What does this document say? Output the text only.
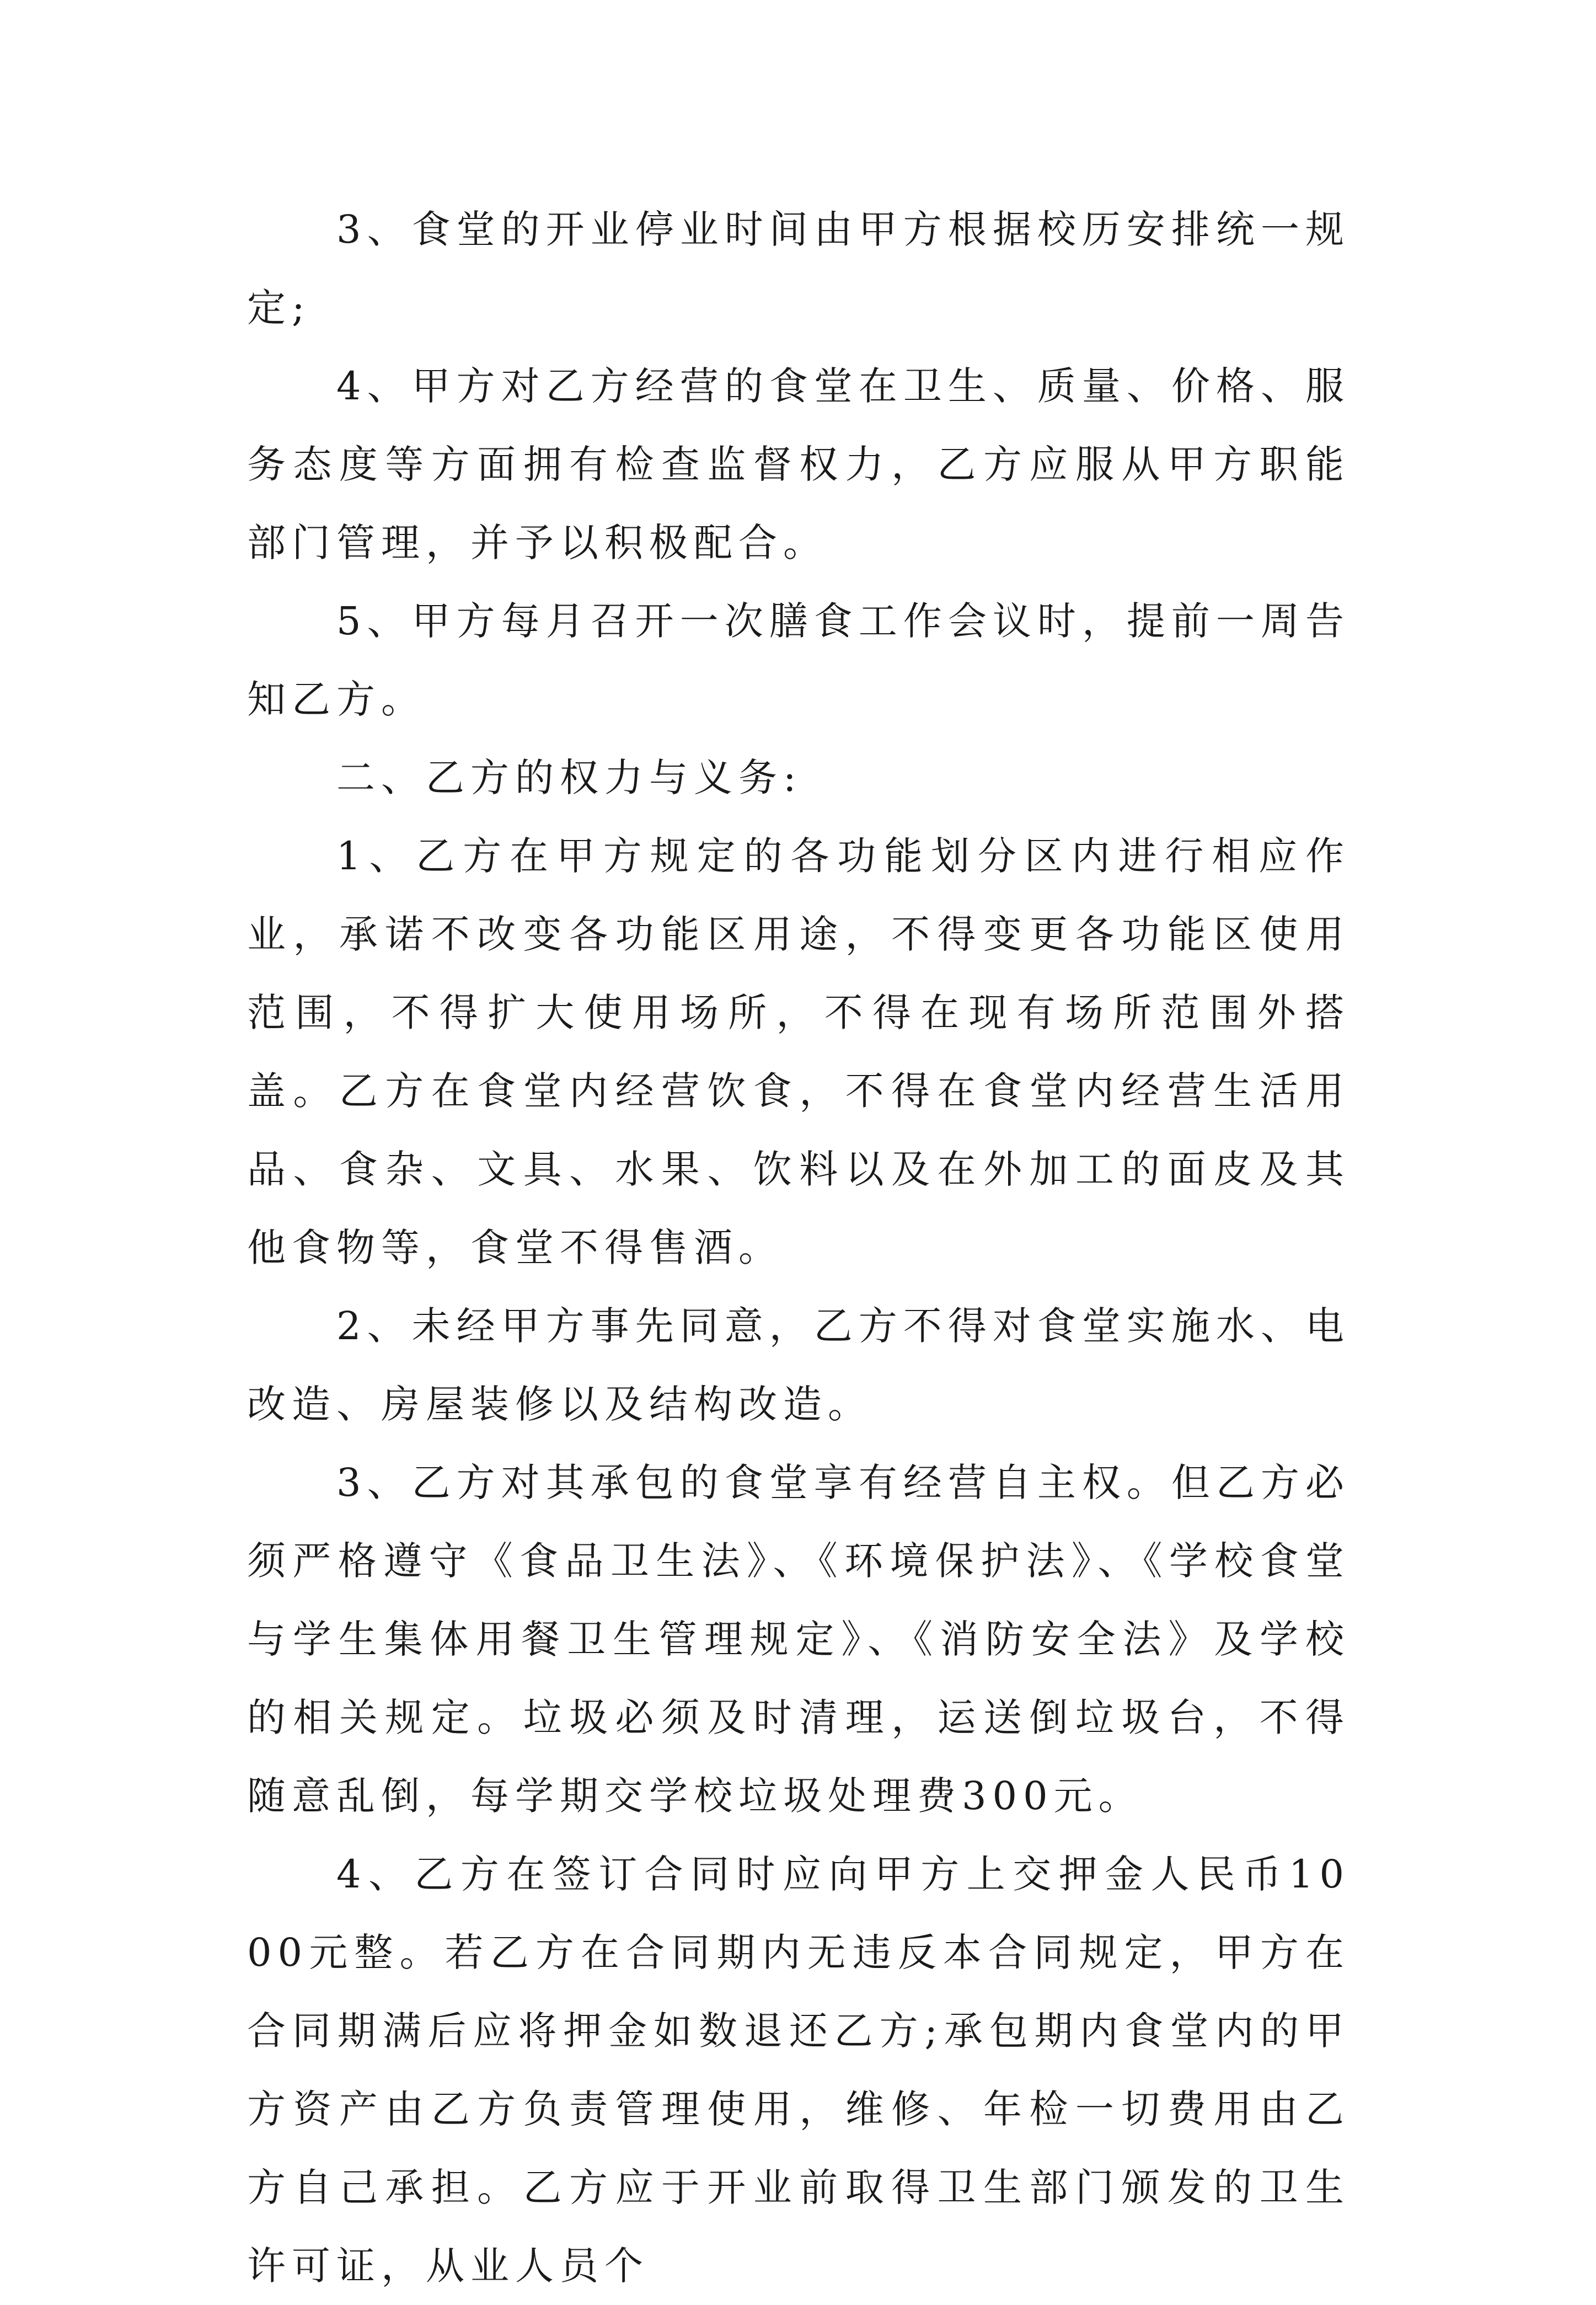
3、食堂的开业停业时间由甲方根据校历安排统一规定;

4、甲方对乙方经营的食堂在卫生、质量、价格、服务态度等方面拥有检查监督权力，乙方应服从甲方职能部门管理，并予以积极配合。

5、甲方每月召开一次膳食工作会议时，提前一周告知乙方。

二、乙方的权力与义务:

1、乙方在甲方规定的各功能划分区内进行相应作业，承诺不改变各功能区用途，不得变更各功能区使用范围，不得扩大使用场所，不得在现有场所范围外搭盖。乙方在食堂内经营饮食，不得在食堂内经营生活用品、食杂、文具、水果、饮料以及在外加工的面皮及其他食物等，食堂不得售酒。

2、未经甲方事先同意，乙方不得对食堂实施水、电改造、房屋装修以及结构改造。

3、乙方对其承包的食堂享有经营自主权。但乙方必须严格遵守《食品卫生法》、《环境保护法》、《学校食堂与学生集体用餐卫生管理规定》、《消防安全法》及学校的相关规定。垃圾必须及时清理，运送倒垃圾台，不得随意乱倒，每学期交学校垃圾处理费300元。

4、乙方在签订合同时应向甲方上交押金人民币1000元整。若乙方在合同期内无违反本合同规定，甲方在合同期满后应将押金如数退还乙方;承包期内食堂内的甲方资产由乙方负责管理使用，维修、年检一切费用由乙方自己承担。乙方应于开业前取得卫生部门颁发的卫生许可证，从业人员个
